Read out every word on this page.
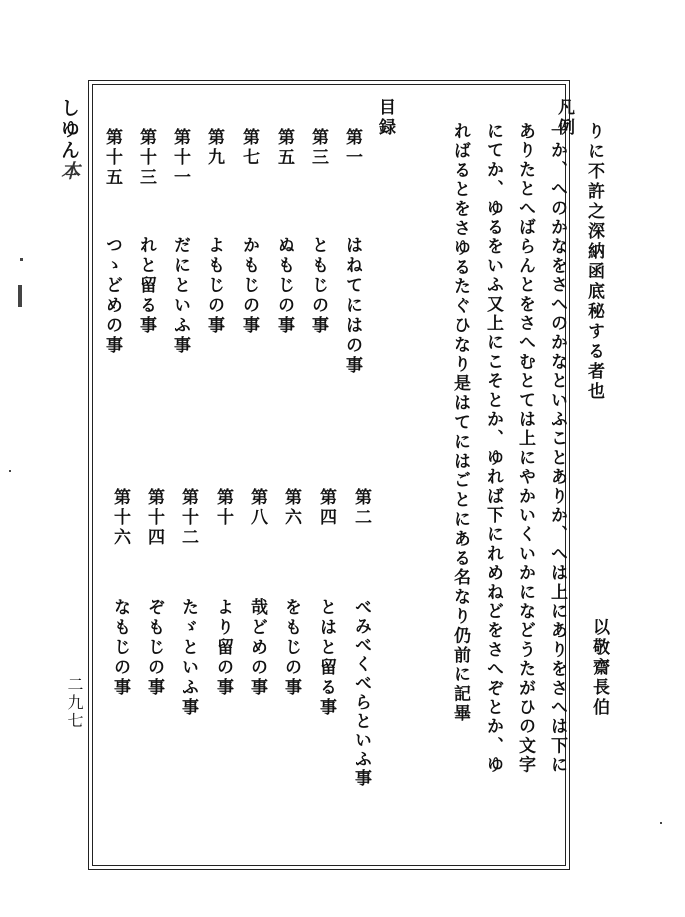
しゆん本
二九七	以敬齋長伯
りに不許之深納函底秘する者也
凡例
一か、へのかなをさへのかなといふことありか、へは上にありをさへは下に
ありたとへばらんとをさへむとては上にやかいくいかになどうたがひの文字
にてか、ゆるをいふ又上にこそとか、ゆれば下にれめねどをさへぞとか、ゆ
ればるとをさゆるたぐひなり是はてにはごとにある名なり仍前に記畢
目録
第一
はねてにはの事
第三
ともじの事
第五
ぬもじの事
第七
かもじの事
第九
よもじの事
第十一
だにといふ事
第十三
れと留る事
第十五
つゝどめの事
第二
べみべくべらといふ事
第四
とはと留る事
第六
をもじの事
第八
哉どめの事
第十
より留の事
第十二
たゞといふ事
第十四
ぞもじの事
第十六
なもじの事
